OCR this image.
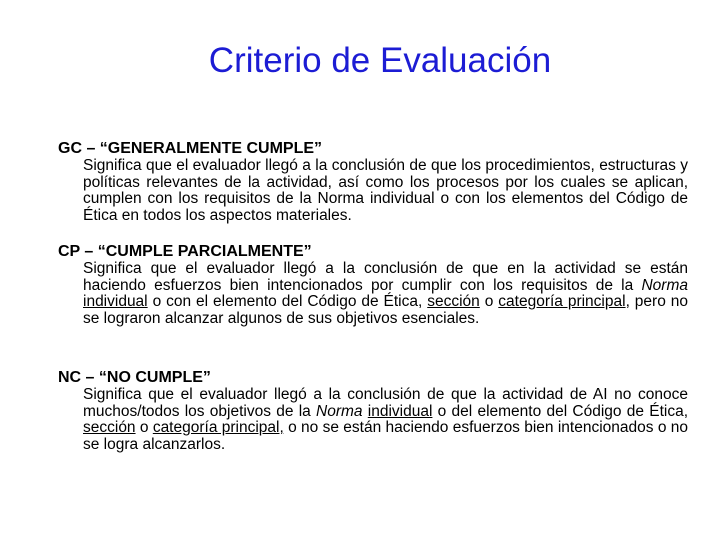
Criterio de Evaluación

GC – “GENERALMENTE CUMPLE”

Significa que el evaluador llegó a la conclusión de que los procedimientos, estructuras y políticas relevantes de la actividad, así como los procesos por los cuales se aplican, cumplen con los requisitos de la Norma individual o con los elementos del Código de Ética en todos los aspectos materiales.

CP – “CUMPLE PARCIALMENTE”

Significa que el evaluador llegó a la conclusión de que en la actividad se están haciendo esfuerzos bien intencionados por cumplir con los requisitos de la Norma individual o con el elemento del Código de Ética, sección o categoría principal, pero no se lograron alcanzar algunos de sus objetivos esenciales.

NC – “NO CUMPLE”

Significa que el evaluador llegó a la conclusión de que la actividad de AI no conoce muchos/todos los objetivos de la Norma individual o del elemento del Código de Ética, sección o categoría principal, o no se están haciendo esfuerzos bien intencionados o no se logra alcanzarlos.
